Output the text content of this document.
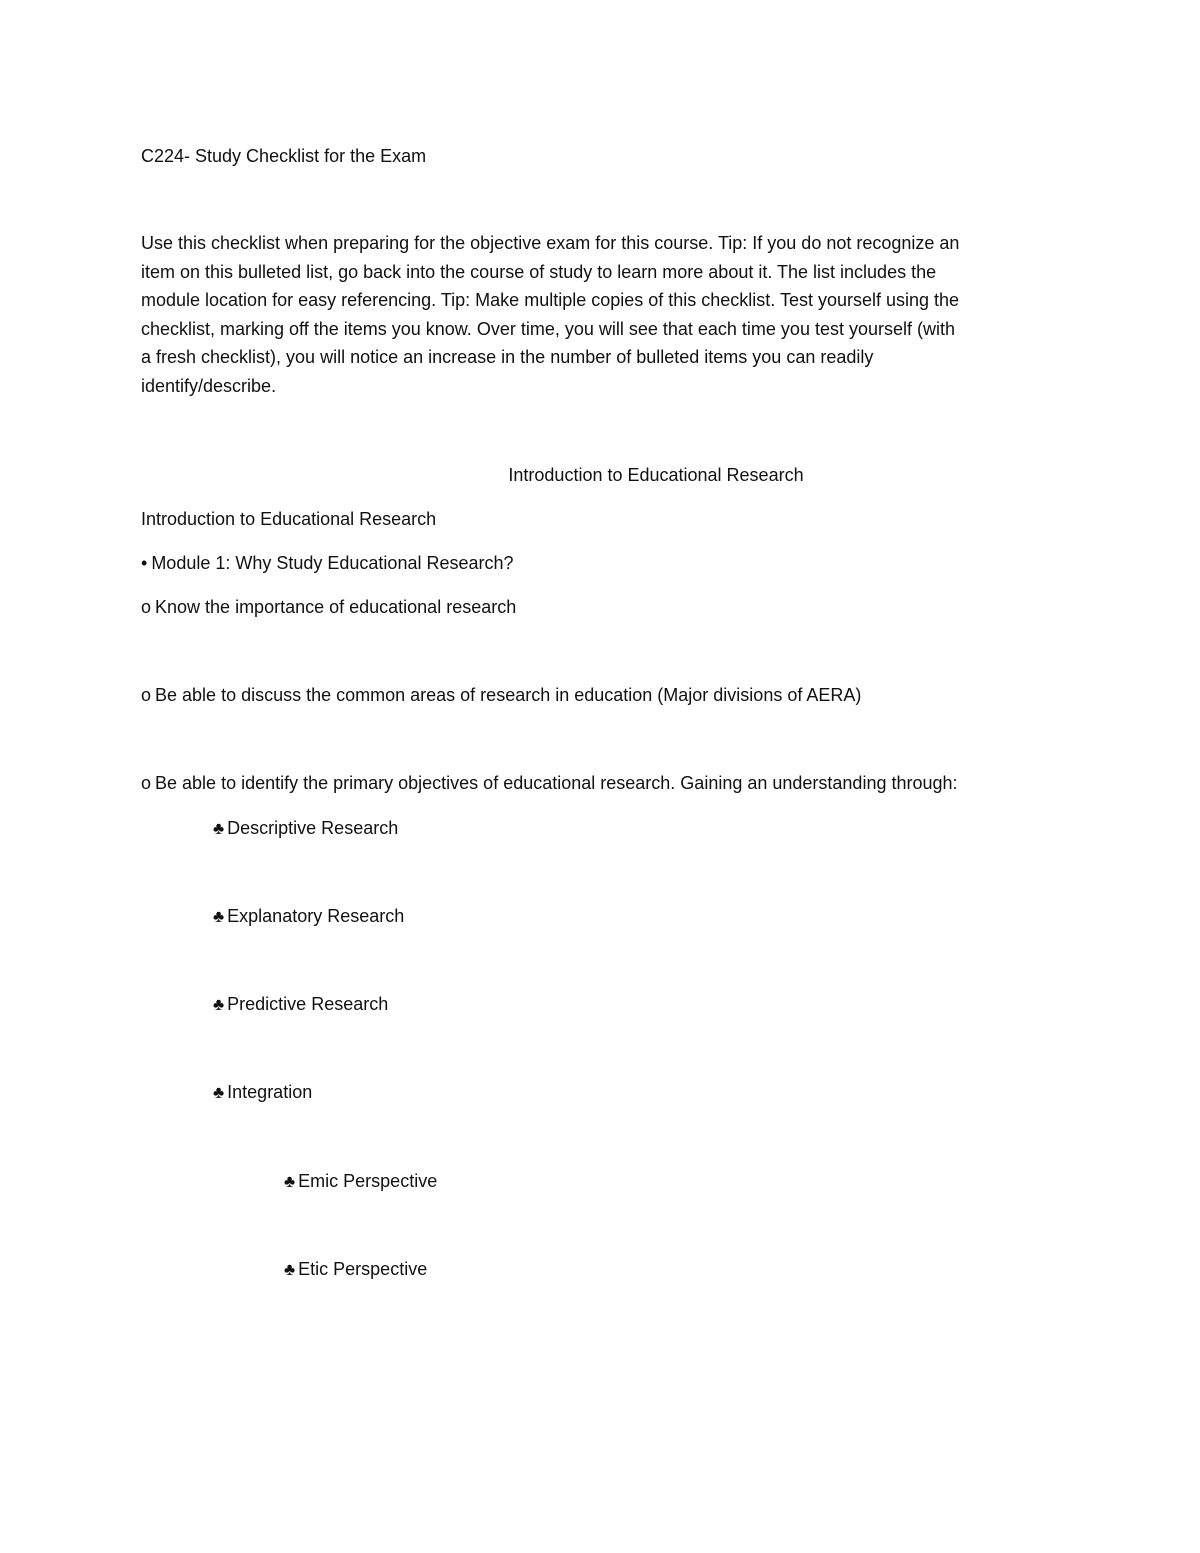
C224- Study Checklist for the Exam
Use this checklist when preparing for the objective exam for this course. Tip: If you do not recognize an
item on this bulleted list, go back into the course of study to learn more about it. The list includes the
module location for easy referencing. Tip: Make multiple copies of this checklist. Test yourself using the
checklist, marking off the items you know. Over time, you will see that each time you test yourself (with
a fresh checklist), you will notice an increase in the number of bulleted items you can readily
identify/describe.
Introduction to Educational Research
Introduction to Educational Research
• Module 1: Why Study Educational Research?
o Know the importance of educational research
o Be able to discuss the common areas of research in education (Major divisions of AERA)
o Be able to identify the primary objectives of educational research. Gaining an understanding through:
♣ Descriptive Research
♣ Explanatory Research
♣ Predictive Research
♣ Integration
♣ Emic Perspective
♣ Etic Perspective
